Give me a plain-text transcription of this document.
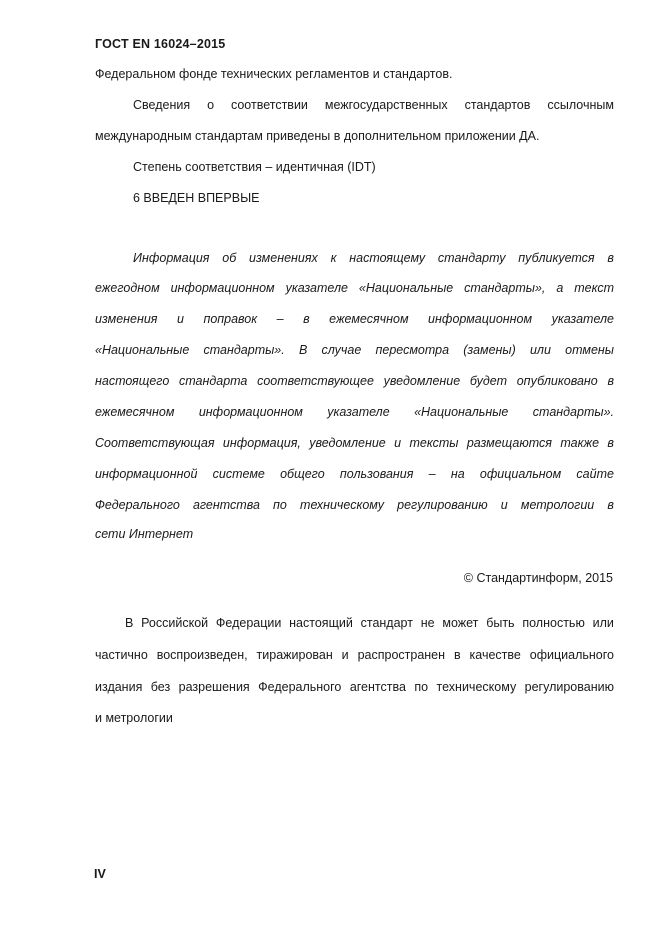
ГОСТ EN 16024–2015
Федеральном фонде технических регламентов и стандартов.
Сведения о соответствии межгосударственных стандартов ссылочным
международным стандартам приведены в дополнительном приложении ДА.
Степень соответствия – идентичная (IDT)
6 ВВЕДЕН ВПЕРВЫЕ
Информация об изменениях к настоящему стандарту публикуется в
ежегодном информационном указателе «Национальные стандарты», а текст
изменения и поправок – в ежемесячном информационном указателе
«Национальные стандарты». В случае пересмотра (замены) или отмены
настоящего стандарта соответствующее уведомление будет опубликовано в
ежемесячном информационном указателе «Национальные стандарты».
Соответствующая информация, уведомление и тексты размещаются также в
информационной системе общего пользования – на официальном сайте
Федерального агентства по техническому регулированию и метрологии в
сети Интернет
© Стандартинформ, 2015
В Российской Федерации настоящий стандарт не может быть полностью или
частично воспроизведен, тиражирован и распространен в качестве официального
издания без разрешения Федерального агентства по техническому регулированию
и метрологии
IV
